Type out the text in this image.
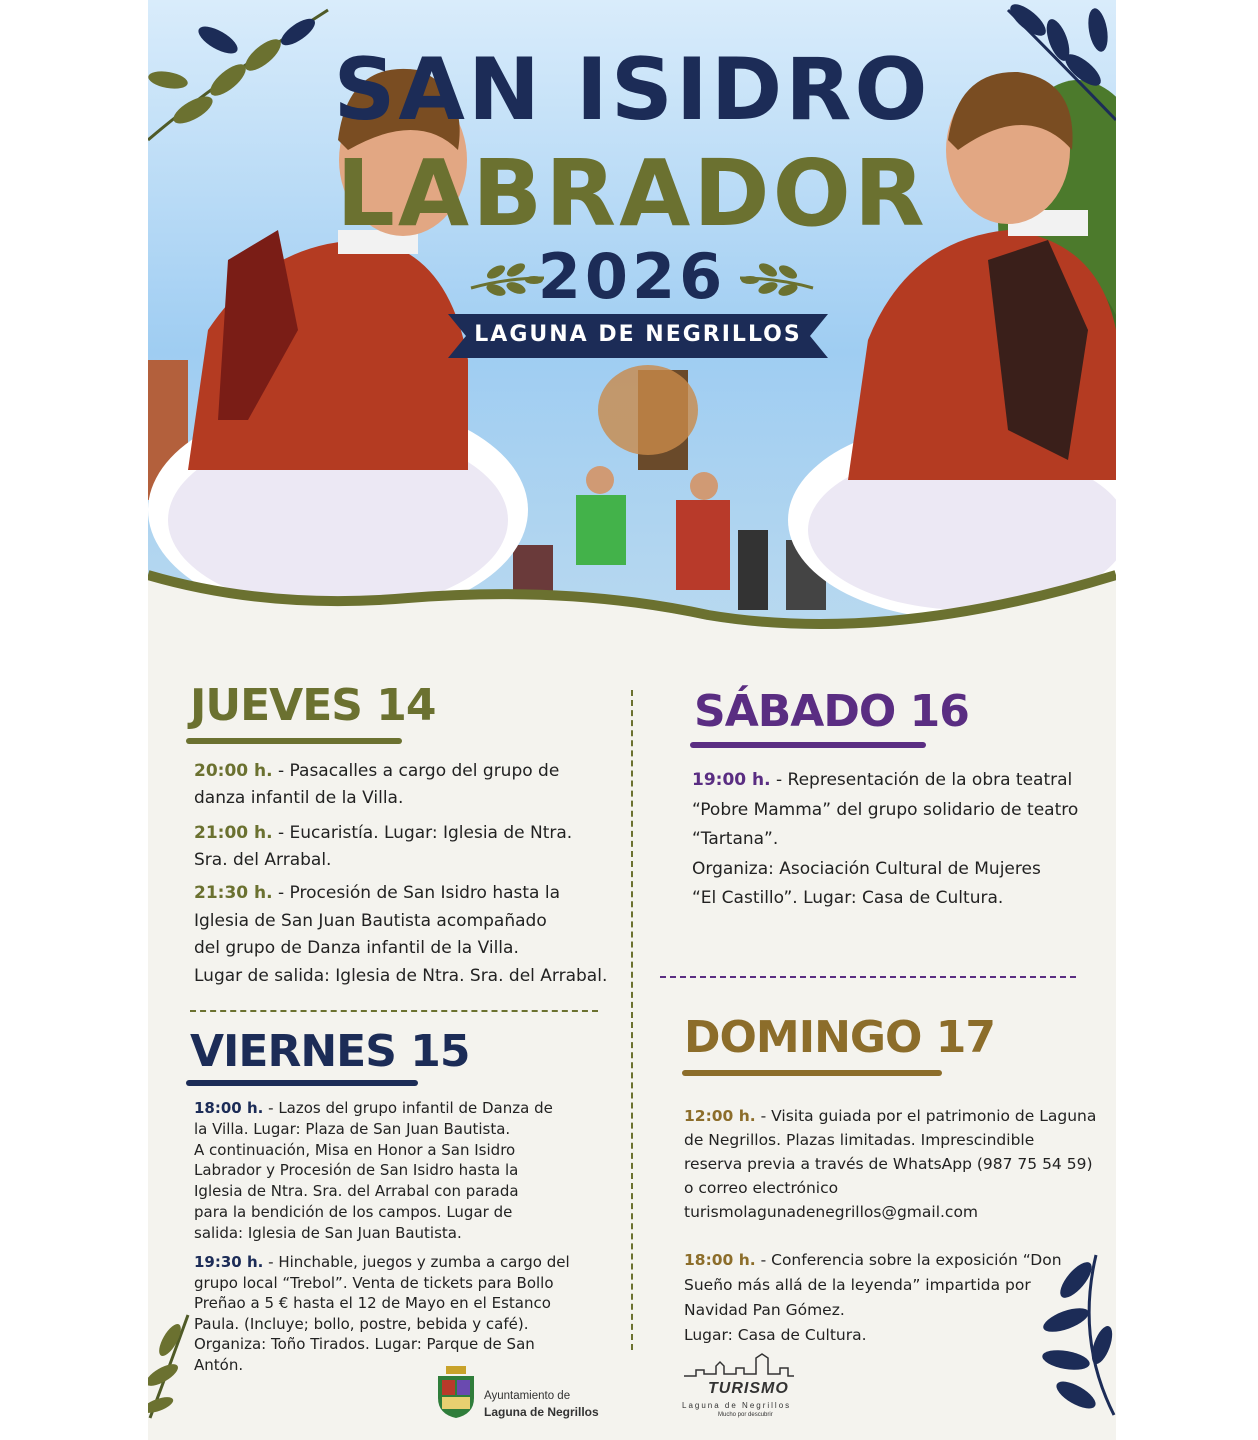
SAN ISIDRO
LABRADOR
2026
LAGUNA DE NEGRILLOS
JUEVES 14
20:00 h. - Pasacalles a cargo del grupo de
danza infantil de la Villa.
21:00 h. - Eucaristía. Lugar: Iglesia de Ntra.
Sra. del Arrabal.
21:30 h. - Procesión de San Isidro hasta la
Iglesia de San Juan Bautista acompañado
del grupo de Danza infantil de la Villa.
Lugar de salida: Iglesia de Ntra. Sra. del Arrabal.
VIERNES 15
18:00 h. - Lazos del grupo infantil de Danza de
la Villa. Lugar: Plaza de San Juan Bautista.
A continuación, Misa en Honor a San Isidro
Labrador y Procesión de San Isidro hasta la
Iglesia de Ntra. Sra. del Arrabal con parada
para la bendición de los campos. Lugar de
salida: Iglesia de San Juan Bautista.
19:30 h. - Hinchable, juegos y zumba a cargo del
grupo local “Trebol”. Venta de tickets para Bollo
Preñao a 5 € hasta el 12 de Mayo en el Estanco
Paula. (Incluye; bollo, postre, bebida y café).
Organiza: Toño Tirados. Lugar: Parque de San
Antón.
SÁBADO 16
19:00 h. - Representación de la obra teatral
“Pobre Mamma” del grupo solidario de teatro
“Tartana”.
Organiza: Asociación Cultural de Mujeres
“El Castillo”. Lugar: Casa de Cultura.
DOMINGO 17
12:00 h. - Visita guiada por el patrimonio de Laguna
de Negrillos. Plazas limitadas. Imprescindible
reserva previa a través de WhatsApp (987 75 54 59)
o correo electrónico
turismolagunadenegrillos@gmail.com
18:00 h. - Conferencia sobre la exposición “Don
Sueño más allá de la leyenda” impartida por
Navidad Pan Gómez.
Lugar: Casa de Cultura.
Ayuntamiento de
Laguna de Negrillos
TURISMO
Laguna de Negrillos
Mucho por descubrir
